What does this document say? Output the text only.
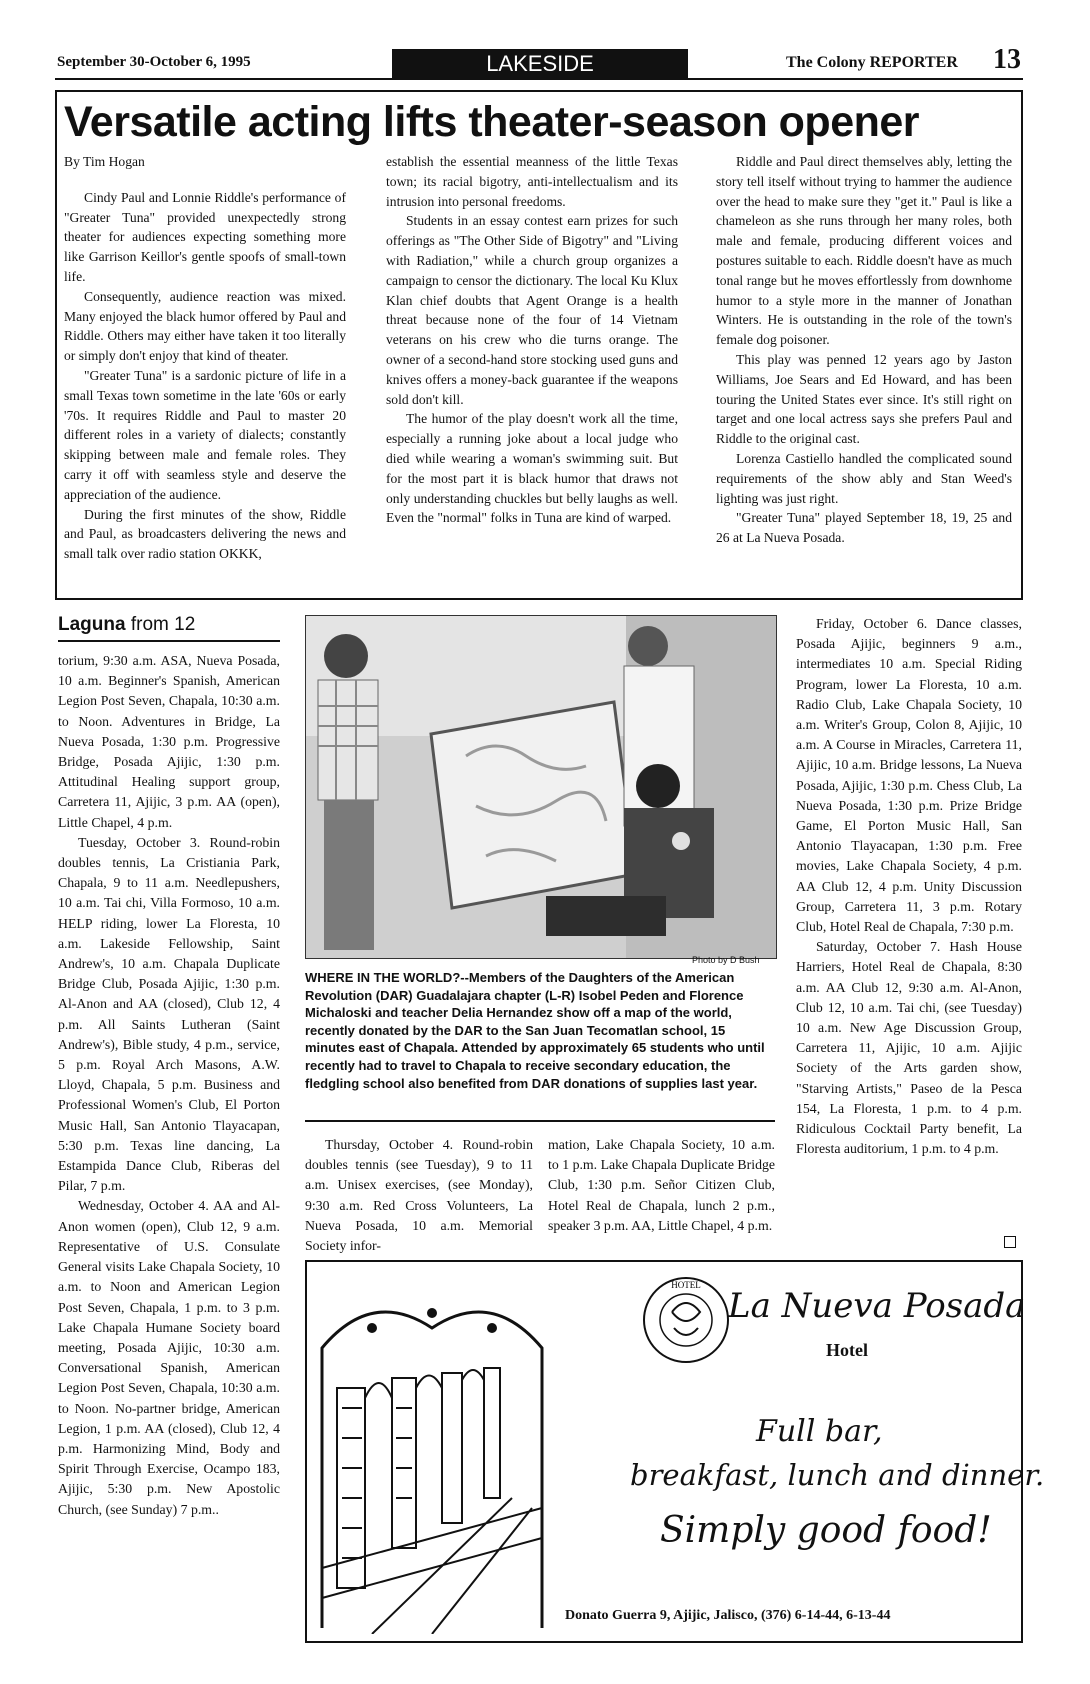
September 30-October 6, 1995	LAKESIDE	The Colony REPORTER 13
Versatile acting lifts theater-season opener

By Tim Hogan

Cindy Paul and Lonnie Riddle's performance of "Greater Tuna" provided unexpectedly strong theater for audiences expecting something more like Garrison Keillor's gentle spoofs of small-town life.

Consequently, audience reaction was mixed. Many enjoyed the black humor offered by Paul and Riddle. Others may either have taken it too literally or simply don't enjoy that kind of theater.

"Greater Tuna" is a sardonic picture of life in a small Texas town sometime in the late '60s or early '70s. It requires Riddle and Paul to master 20 different roles in a variety of dialects; constantly skipping between male and female roles. They carry it off with seamless style and deserve the appreciation of the audience.

During the first minutes of the show, Riddle and Paul, as broadcasters delivering the news and small talk over radio station OKKK,

establish the essential meanness of the little Texas town; its racial bigotry, anti-intellectualism and its intrusion into personal freedoms.

Students in an essay contest earn prizes for such offerings as "The Other Side of Bigotry" and "Living with Radiation," while a church group organizes a campaign to censor the dictionary. The local Ku Klux Klan chief doubts that Agent Orange is a health threat because none of the four of 14 Vietnam veterans on his crew who die turns orange. The owner of a second-hand store stocking used guns and knives offers a money-back guarantee if the weapons sold don't kill.

The humor of the play doesn't work all the time, especially a running joke about a local judge who died while wearing a woman's swimming suit. But for the most part it is black humor that draws not only understanding chuckles but belly laughs as well. Even the "normal" folks in Tuna are kind of warped.

Riddle and Paul direct themselves ably, letting the story tell itself without trying to hammer the audience over the head to make sure they "get it." Paul is like a chameleon as she runs through her many roles, both male and female, producing different voices and postures suitable to each. Riddle doesn't have as much tonal range but he moves effortlessly from downhome humor to a style more in the manner of Jonathan Winters. He is outstanding in the role of the town's female dog poisoner.

This play was penned 12 years ago by Jaston Williams, Joe Sears and Ed Howard, and has been touring the United States ever since. It's still right on target and one local actress says she prefers Paul and Riddle to the original cast.

Lorenza Castiello handled the complicated sound requirements of the show ably and Stan Weed's lighting was just right.

"Greater Tuna" played September 18, 19, 25 and 26 at La Nueva Posada.

Laguna from 12

torium, 9:30 a.m. ASA, Nueva Posada, 10 a.m. Beginner's Spanish, American Legion Post Seven, Chapala, 10:30 a.m. to Noon. Adventures in Bridge, La Nueva Posada, 1:30 p.m. Progressive Bridge, Posada Ajijic, 1:30 p.m. Attitudinal Healing support group, Carretera 11, Ajijic, 3 p.m. AA (open), Little Chapel, 4 p.m.

Tuesday, October 3. Round-robin doubles tennis, La Cristiania Park, Chapala, 9 to 11 a.m. Needlepushers, 10 a.m. Tai chi, Villa Formoso, 10 a.m. HELP riding, lower La Floresta, 10 a.m. Lakeside Fellowship, Saint Andrew's, 10 a.m. Chapala Duplicate Bridge Club, Posada Ajijic, 1:30 p.m. Al-Anon and AA (closed), Club 12, 4 p.m. All Saints Lutheran (Saint Andrew's), Bible study, 4 p.m., service, 5 p.m. Royal Arch Masons, A.W. Lloyd, Chapala, 5 p.m. Business and Professional Women's Club, El Porton Music Hall, San Antonio Tlayacapan, 5:30 p.m. Texas line dancing, La Estampida Dance Club, Riberas del Pilar, 7 p.m.

Wednesday, October 4. AA and Al-Anon women (open), Club 12, 9 a.m. Representative of U.S. Consulate General visits Lake Chapala Society, 10 a.m. to Noon and American Legion Post Seven, Chapala, 1 p.m. to 3 p.m. Lake Chapala Humane Society board meeting, Posada Ajijic, 10:30 a.m. Conversational Spanish, American Legion Post Seven, Chapala, 10:30 a.m. to Noon. No-partner bridge, American Legion, 1 p.m. AA (closed), Club 12, 4 p.m. Harmonizing Mind, Body and Spirit Through Exercise, Ocampo 183, Ajijic, 5:30 p.m. New Apostolic Church, (see Sunday) 7 p.m..

Thursday, October 4. Round-robin doubles tennis (see Tuesday), 9 to 11 a.m. Unisex exercises, (see Monday), 9:30 a.m. Red Cross Volunteers, La Nueva Posada, 10 a.m. Memorial Society infor-

mation, Lake Chapala Society, 10 a.m. to 1 p.m. Lake Chapala Duplicate Bridge Club, 1:30 p.m. Señor Citizen Club, Hotel Real de Chapala, lunch 2 p.m., speaker 3 p.m. AA, Little Chapel, 4 p.m.

Friday, October 6. Dance classes, Posada Ajijic, beginners 9 a.m., intermediates 10 a.m. Special Riding Program, lower La Floresta, 10 a.m. Radio Club, Lake Chapala Society, 10 a.m. Writer's Group, Colon 8, Ajijic, 10 a.m. A Course in Miracles, Carretera 11, Ajijic, 10 a.m. Bridge lessons, La Nueva Posada, Ajijic, 1:30 p.m. Chess Club, La Nueva Posada, 1:30 p.m. Prize Bridge Game, El Porton Music Hall, San Antonio Tlayacapan, 1:30 p.m. Free movies, Lake Chapala Society, 4 p.m. AA Club 12, 4 p.m. Unity Discussion Group, Carretera 11, 3 p.m. Rotary Club, Hotel Real de Chapala, 7:30 p.m.

Saturday, October 7. Hash House Harriers, Hotel Real de Chapala, 8:30 a.m. AA Club 12, 9:30 a.m. Al-Anon, Club 12, 10 a.m. Tai chi, (see Tuesday) 10 a.m. New Age Discussion Group, Carretera 11, Ajijic, 10 a.m. Ajijic Society of the Arts garden show, "Starving Artists," Paseo de la Pesca 154, La Floresta, 1 p.m. to 4 p.m. Ridiculous Cocktail Party benefit, La Floresta auditorium, 1 p.m. to 4 p.m.

Photo by D Bush
WHERE IN THE WORLD?--Members of the Daughters of the American Revolution (DAR) Guadalajara chapter (L-R) Isobel Peden and Florence Michaloski and teacher Delia Hernandez show off a map of the world, recently donated by the DAR to the San Juan Tecomatlan school, 15 minutes east of Chapala. Attended by approximately 65 students who until recently had to travel to Chapala to receive secondary education, the fledgling school also benefited from DAR donations of supplies last year.
HOTEL
La Nueva Posada
Hotel
Full bar,
breakfast, lunch and dinner.
Simply good food!
Donato Guerra 9, Ajijic, Jalisco, (376) 6-14-44, 6-13-44
